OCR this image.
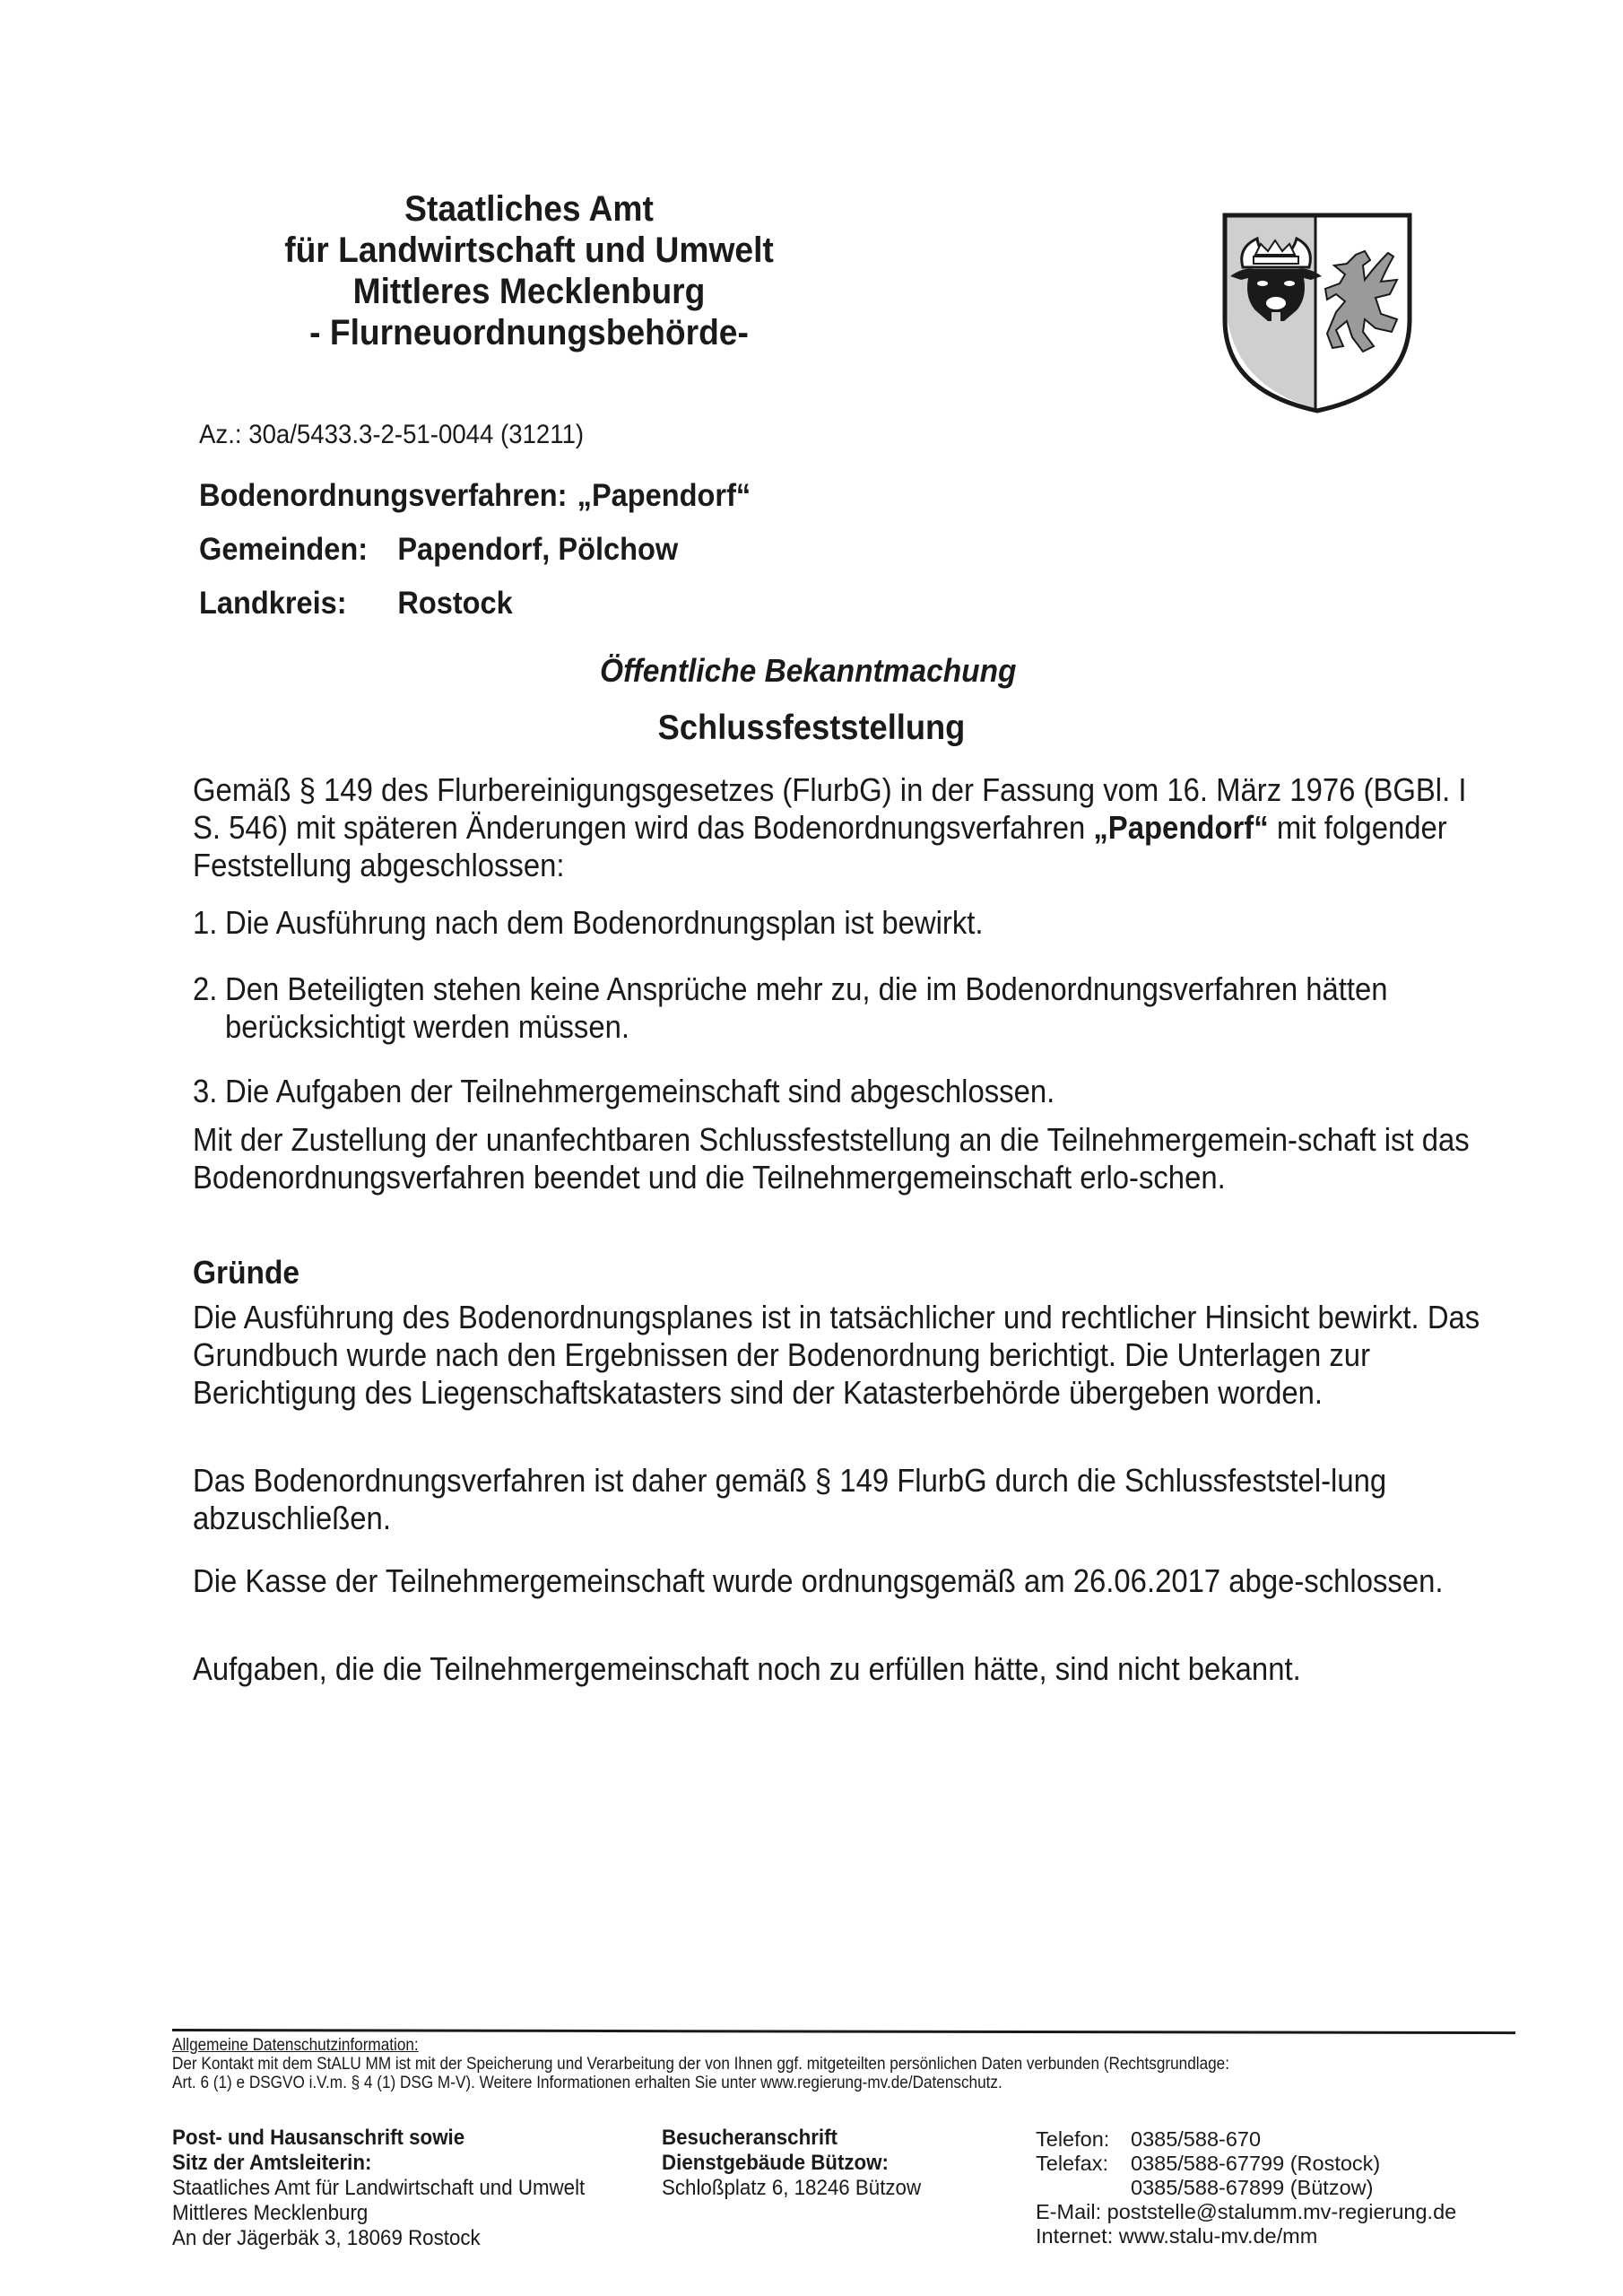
Staatliches Amt
für Landwirtschaft und Umwelt
Mittleres Mecklenburg
- Flurneuordnungsbehörde-
Az.: 30a/5433.3-2-51-0044 (31211)
Bodenordnungsverfahren: „Papendorf“
Gemeinden: Papendorf, Pölchow
Landkreis:	Rostock
Öffentliche Bekanntmachung
Schlussfeststellung
Gemäß § 149 des Flurbereinigungsgesetzes (FlurbG) in der Fassung vom 16. März 1976 (BGBl. I S. 546) mit späteren Änderungen wird das Bodenordnungsverfahren „Papendorf“ mit folgender Feststellung abgeschlossen:
1. Die Ausführung nach dem Bodenordnungsplan ist bewirkt.
2. Den Beteiligten stehen keine Ansprüche mehr zu, die im Bodenordnungsverfahren hätten berücksichtigt werden müssen.
3. Die Aufgaben der Teilnehmergemeinschaft sind abgeschlossen.
Mit der Zustellung der unanfechtbaren Schlussfeststellung an die Teilnehmergemein-schaft ist das Bodenordnungsverfahren beendet und die Teilnehmergemeinschaft erlo-schen.
Gründe
Die Ausführung des Bodenordnungsplanes ist in tatsächlicher und rechtlicher Hinsicht bewirkt. Das Grundbuch wurde nach den Ergebnissen der Bodenordnung berichtigt. Die Unterlagen zur Berichtigung des Liegenschaftskatasters sind der Katasterbehörde übergeben worden.
Das Bodenordnungsverfahren ist daher gemäß § 149 FlurbG durch die Schlussfeststel-lung abzuschließen.
Die Kasse der Teilnehmergemeinschaft wurde ordnungsgemäß am 26.06.2017 abge-schlossen.
Aufgaben, die die Teilnehmergemeinschaft noch zu erfüllen hätte, sind nicht bekannt.
Allgemeine Datenschutzinformation:
Der Kontakt mit dem StALU MM ist mit der Speicherung und Verarbeitung der von Ihnen ggf. mitgeteilten persönlichen Daten verbunden (Rechtsgrundlage:
Art. 6 (1) e DSGVO i.V.m. § 4 (1) DSG M-V). Weitere Informationen erhalten Sie unter www.regierung-mv.de/Datenschutz.
Post- und Hausanschrift sowie
Sitz der Amtsleiterin:
Staatliches Amt für Landwirtschaft und Umwelt
Mittleres Mecklenburg
An der Jägerbäk 3, 18069 Rostock
Besucheranschrift
Dienstgebäude Bützow:
Schloßplatz 6, 18246 Bützow
Telefon:	0385/588-670
Telefax:	0385/588-67799 (Rostock)
0385/588-67899 (Bützow)
E-Mail:
poststelle@stalumm.mv-regierung.de
Internet:
www.stalu-mv.de/mm
